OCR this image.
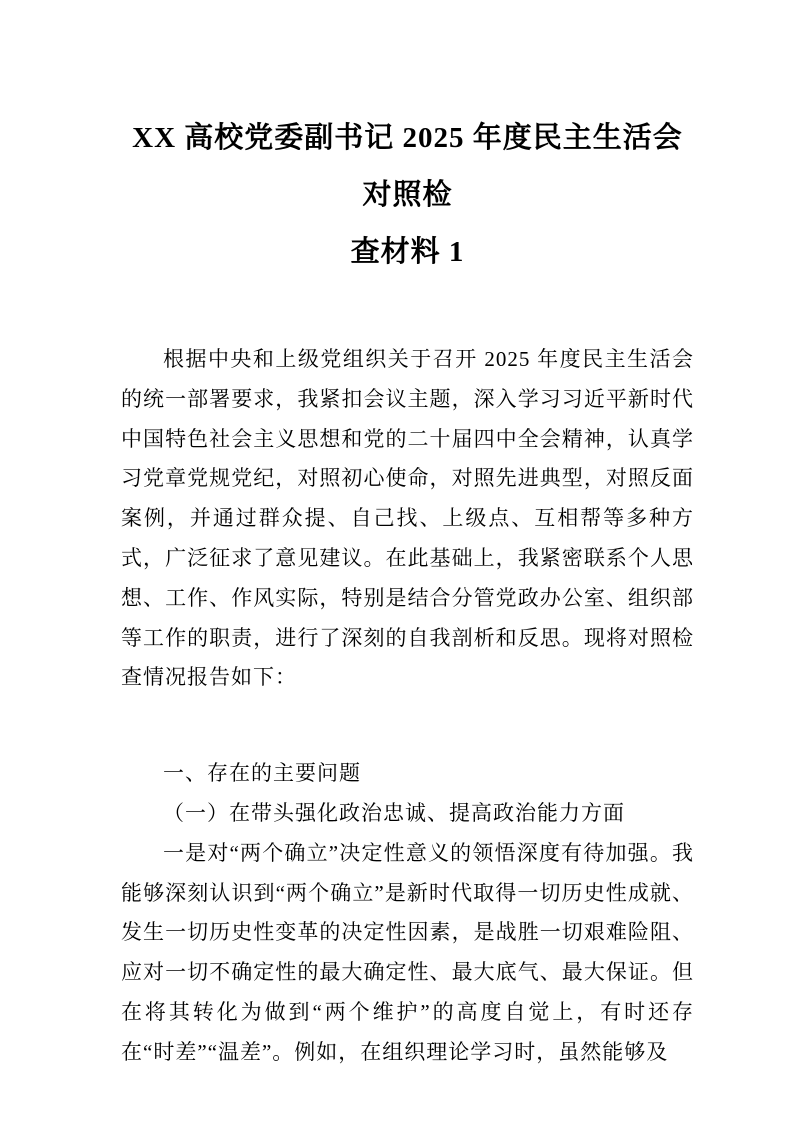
XX 高校党委副书记 2025 年度民主生活会对照检
查材料 1

根据中央和上级党组织关于召开 2025 年度民主生活会的统一部署要求，我紧扣会议主题，深入学习习近平新时代中国特色社会主义思想和党的二十届四中全会精神，认真学习党章党规党纪，对照初心使命，对照先进典型，对照反面案例，并通过群众提、自己找、上级点、互相帮等多种方式，广泛征求了意见建议。在此基础上，我紧密联系个人思想、工作、作风实际，特别是结合分管党政办公室、组织部等工作的职责，进行了深刻的自我剖析和反思。现将对照检查情况报告如下：

一、存在的主要问题

（一）在带头强化政治忠诚、提高政治能力方面

一是对“两个确立”决定性意义的领悟深度有待加强。我能够深刻认识到“两个确立”是新时代取得一切历史性成就、发生一切历史性变革的决定性因素，是战胜一切艰难险阻、应对一切不确定性的最大确定性、最大底气、最大保证。但在将其转化为做到“两个维护”的高度自觉上，有时还存在“时差”“温差”。例如，在组织理论学习时，虽然能够及
